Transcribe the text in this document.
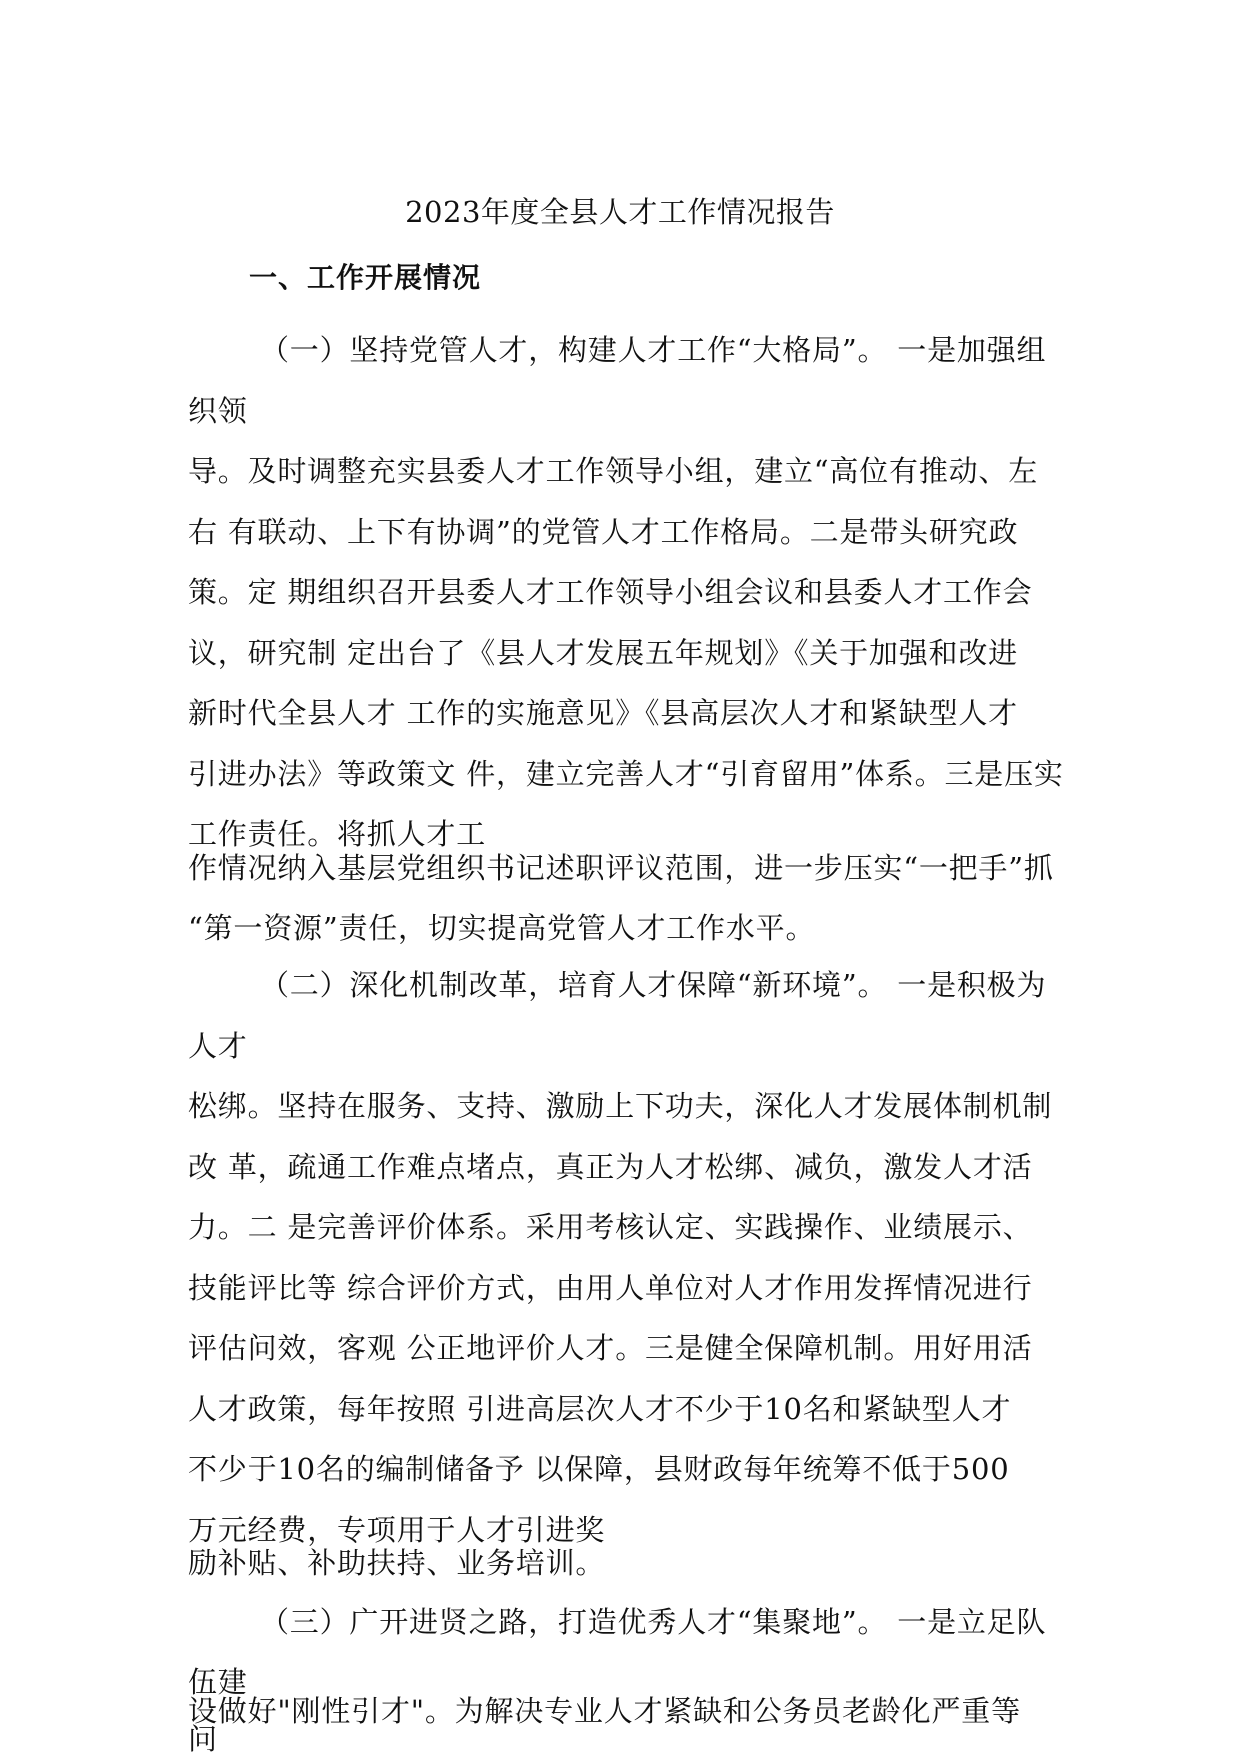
2023年度全县人才工作情况报告
一、工作开展情况

（一）坚持党管人才，构建人才工作“大格局”。 一是加强组织领
导。及时调整充实县委人才工作领导小组，建立“高位有推动、左
右 有联动、上下有协调”的党管人才工作格局。二是带头研究政
策。定 期组织召开县委人才工作领导小组会议和县委人才工作会
议，研究制 定出台了《县人才发展五年规划》《关于加强和改进
新时代全县人才 工作的实施意见》《县高层次人才和紧缺型人才
引进办法》等政策文 件，建立完善人才“引育留用”体系。三是压实
工作责任。将抓人才工

作情况纳入基层党组织书记述职评议范围，进一步压实“一把手”抓
“第一资源”责任，切实提高党管人才工作水平。

（二）深化机制改革，培育人才保障“新环境”。 一是积极为人才
松绑。坚持在服务、支持、激励上下功夫，深化人才发展体制机制
改 革，疏通工作难点堵点，真正为人才松绑、减负，激发人才活
力。二 是完善评价体系。采用考核认定、实践操作、业绩展示、
技能评比等 综合评价方式，由用人单位对人才作用发挥情况进行
评估问效，客观 公正地评价人才。三是健全保障机制。用好用活
人才政策，每年按照 引进高层次人才不少于10名和紧缺型人才
不少于10名的编制储备予 以保障，县财政每年统筹不低于500
万元经费，专项用于人才引进奖

励补贴、补助扶持、业务培训。

（三）广开进贤之路，打造优秀人才“集聚地”。 一是立足队伍建

设做好"刚性引才"。为解决专业人才紧缺和公务员老龄化严重等
问
